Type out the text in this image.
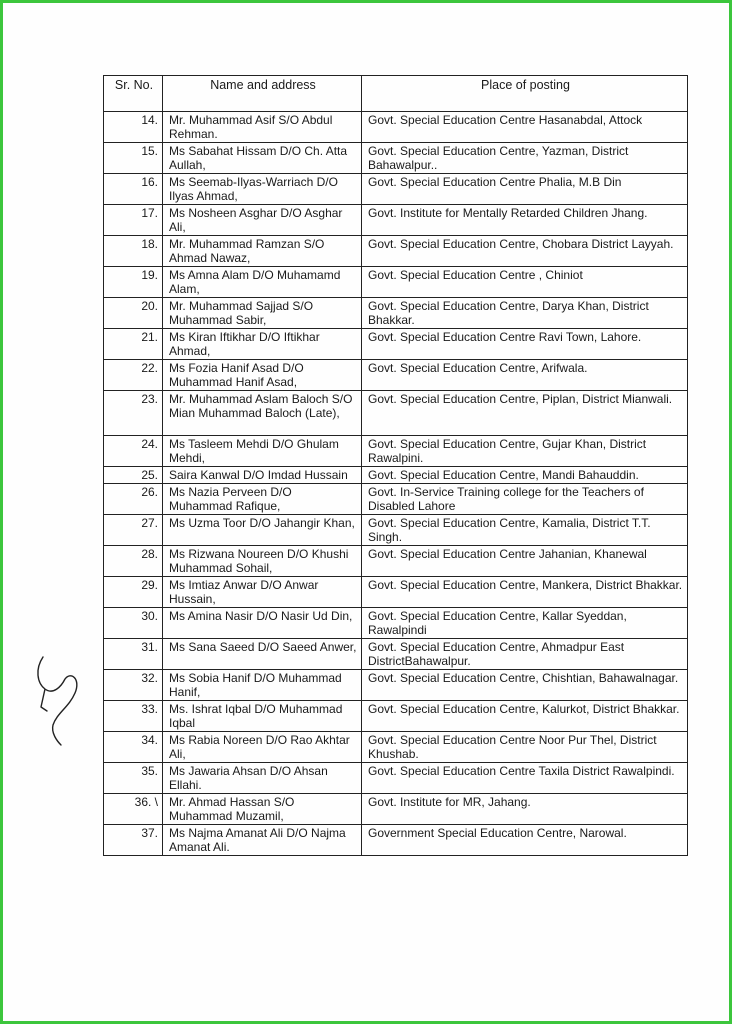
Sr. No.	Name and address	Place of posting
14.	Mr. Muhammad Asif S/O Abdul Rehman.	Govt. Special Education Centre Hasanabdal, Attock
15.	Ms Sabahat Hissam D/O Ch. Atta Aullah,	Govt. Special Education Centre, Yazman, District Bahawalpur..
16.	Ms Seemab-Ilyas-Warriach D/O Ilyas Ahmad,	Govt. Special Education Centre Phalia, M.B Din
17.	Ms Nosheen Asghar D/O Asghar Ali,	Govt. Institute for Mentally Retarded Children Jhang.
18.	Mr. Muhammad Ramzan S/O Ahmad Nawaz,	Govt. Special Education Centre, Chobara District Layyah.
19.	Ms Amna Alam D/O Muhamamd Alam,	Govt. Special Education Centre , Chiniot
20.	Mr. Muhammad Sajjad S/O Muhammad Sabir,	Govt. Special Education Centre, Darya Khan, District Bhakkar.
21.	Ms Kiran Iftikhar D/O Iftikhar Ahmad,	Govt. Special Education Centre Ravi Town, Lahore.
22.	Ms Fozia Hanif Asad D/O Muhammad Hanif Asad,	Govt. Special Education Centre, Arifwala.
23.	Mr. Muhammad Aslam Baloch S/O Mian Muhammad Baloch (Late),	Govt. Special Education Centre, Piplan, District Mianwali.
24.	Ms Tasleem Mehdi D/O Ghulam Mehdi,	Govt. Special Education Centre, Gujar Khan, District Rawalpini.
25.	Saira Kanwal D/O Imdad Hussain	Govt. Special Education Centre, Mandi Bahauddin.
26.	Ms Nazia Perveen D/O Muhammad Rafique,	Govt. In-Service Training college for the Teachers of Disabled Lahore
27.	Ms Uzma Toor D/O Jahangir Khan,	Govt. Special Education Centre, Kamalia, District T.T. Singh.
28.	Ms Rizwana Noureen D/O Khushi Muhammad Sohail,	Govt. Special Education Centre Jahanian, Khanewal
29.	Ms Imtiaz Anwar D/O Anwar Hussain,	Govt. Special Education Centre, Mankera, District Bhakkar.
30.	Ms Amina Nasir D/O Nasir Ud Din,	Govt. Special Education Centre, Kallar Syeddan, Rawalpindi
31.	Ms Sana Saeed D/O Saeed Anwer,	Govt. Special Education Centre, Ahmadpur East DistrictBahawalpur.
32.	Ms Sobia Hanif D/O Muhammad Hanif,	Govt. Special Education Centre, Chishtian, Bahawalnagar.
33.	Ms. Ishrat Iqbal D/O Muhammad Iqbal	Govt. Special Education Centre, Kalurkot, District Bhakkar.
34.	Ms Rabia Noreen D/O Rao Akhtar Ali,	Govt. Special Education Centre Noor Pur Thel, District Khushab.
35.	Ms Jawaria Ahsan D/O Ahsan Ellahi.	Govt. Special Education Centre Taxila District Rawalpindi.
36. \	Mr. Ahmad Hassan S/O Muhammad Muzamil,	Govt. Institute for MR, Jahang.
37.	Ms Najma Amanat Ali D/O Najma Amanat Ali.	Government Special Education Centre, Narowal.
